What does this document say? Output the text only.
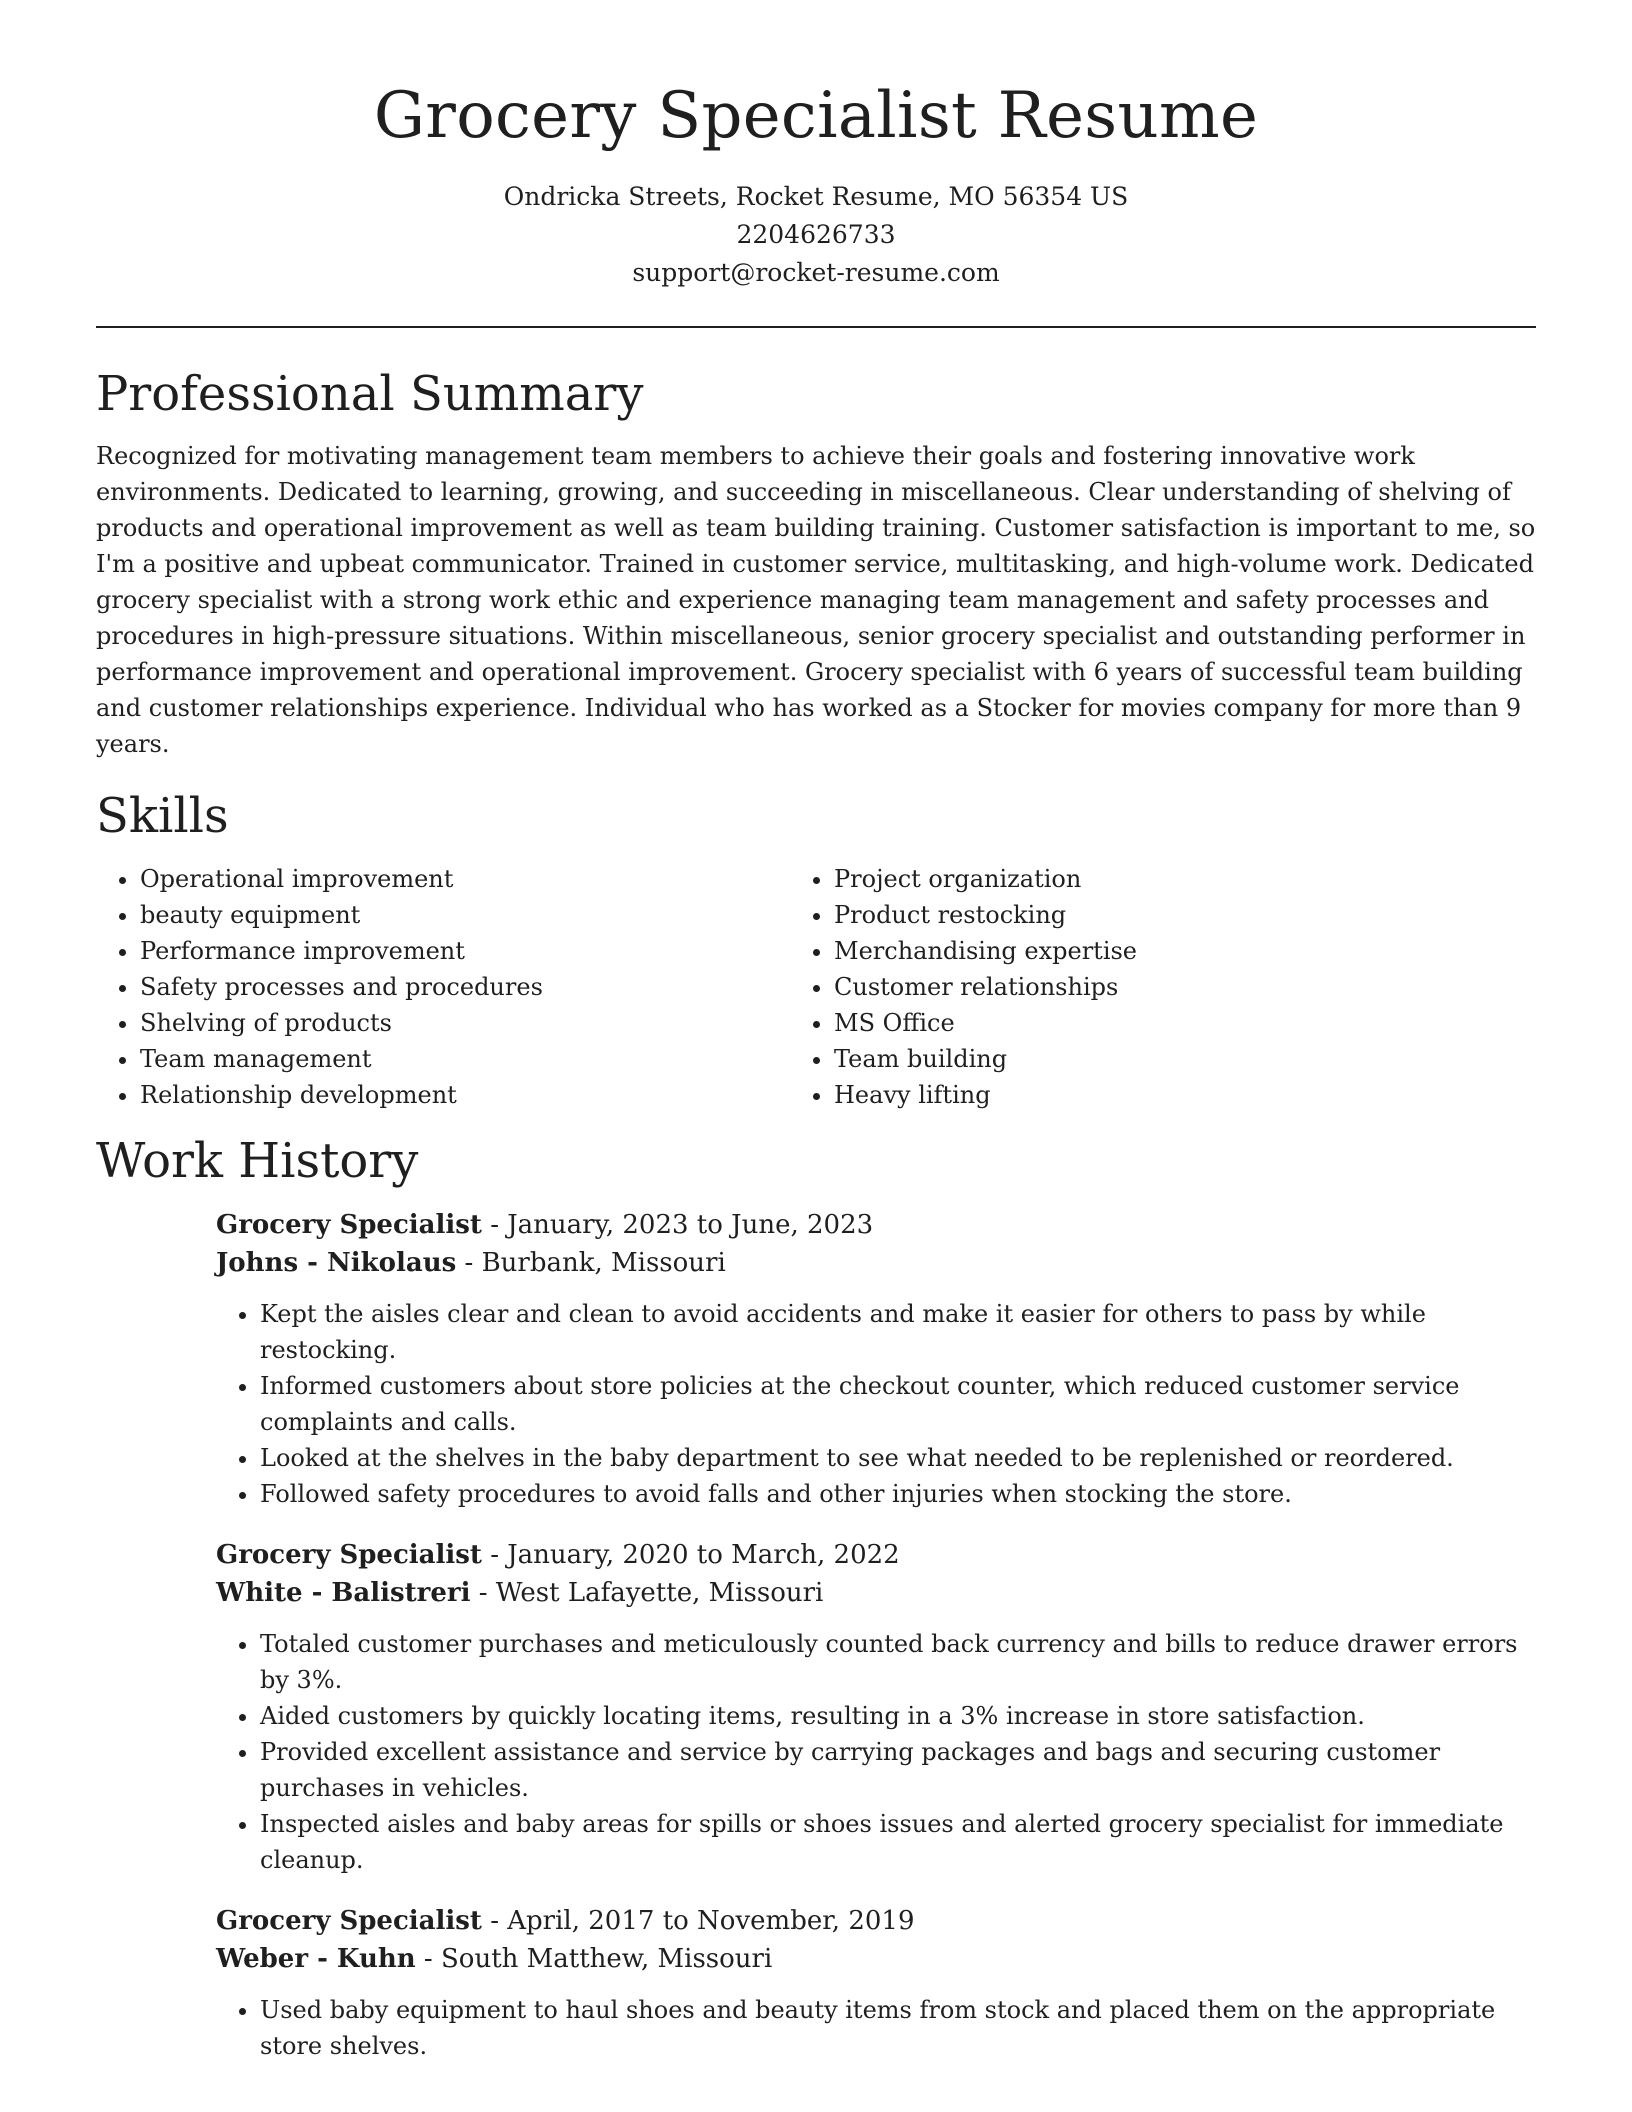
Grocery Specialist Resume
Ondricka Streets, Rocket Resume, MO 56354 US
2204626733
support@rocket-resume.com
Professional Summary

Recognized for motivating management team members to achieve their goals and fostering innovative work environments. Dedicated to learning, growing, and succeeding in miscellaneous. Clear understanding of shelving of products and operational improvement as well as team building training. Customer satisfaction is important to me, so I'm a positive and upbeat communicator. Trained in customer service, multitasking, and high-volume work. Dedicated grocery specialist with a strong work ethic and experience managing team management and safety processes and procedures in high-pressure situations. Within miscellaneous, senior grocery specialist and outstanding performer in performance improvement and operational improvement. Grocery specialist with 6 years of successful team building and customer relationships experience. Individual who has worked as a Stocker for movies company for more than 9 years.

Skills
• Operational improvement
• beauty equipment
• Performance improvement
• Safety processes and procedures
• Shelving of products
• Team management
• Relationship development
• Project organization
• Product restocking
• Merchandising expertise
• Customer relationships
• MS Office
• Team building
• Heavy lifting
Work History
Grocery Specialist - January, 2023 to June, 2023
Johns - Nikolaus - Burbank, Missouri
• Kept the aisles clear and clean to avoid accidents and make it easier for others to pass by while restocking.
• Informed customers about store policies at the checkout counter, which reduced customer service complaints and calls.
• Looked at the shelves in the baby department to see what needed to be replenished or reordered.
• Followed safety procedures to avoid falls and other injuries when stocking the store.
Grocery Specialist - January, 2020 to March, 2022
White - Balistreri - West Lafayette, Missouri
• Totaled customer purchases and meticulously counted back currency and bills to reduce drawer errors by 3%.
• Aided customers by quickly locating items, resulting in a 3% increase in store satisfaction.
• Provided excellent assistance and service by carrying packages and bags and securing customer purchases in vehicles.
• Inspected aisles and baby areas for spills or shoes issues and alerted grocery specialist for immediate cleanup.
Grocery Specialist - April, 2017 to November, 2019
Weber - Kuhn - South Matthew, Missouri
• Used baby equipment to haul shoes and beauty items from stock and placed them on the appropriate store shelves.
